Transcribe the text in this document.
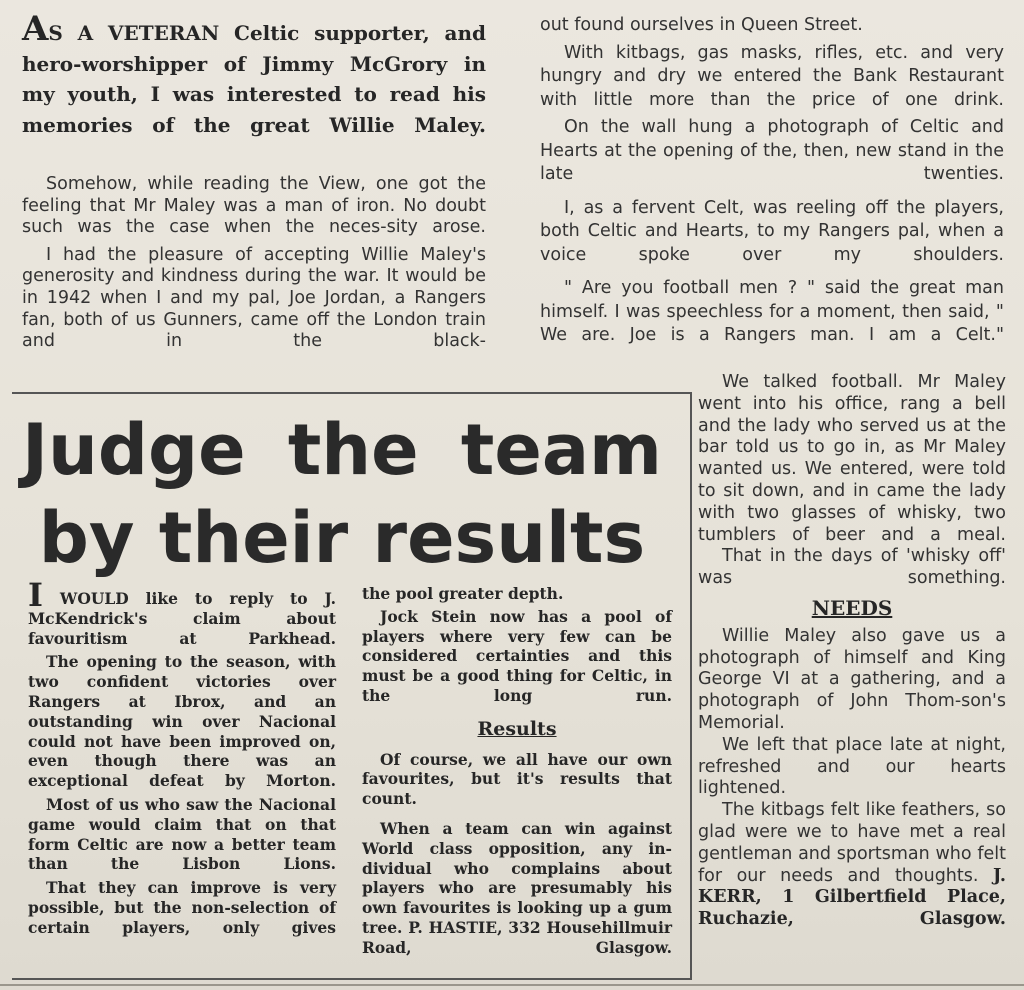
AS A VETERAN Celtic supporter, and hero-worshipper of Jimmy McGrory in my youth, I was interested to read his memories of the great Willie Maley.

Somehow, while reading the View, one got the feeling that Mr Maley was a man of iron. No doubt such was the case when the neces-sity arose.

I had the pleasure of accepting Willie Maley's generosity and kindness during the war. It would be in 1942 when I and my pal, Joe Jordan, a Rangers fan, both of us Gunners, came off the London train and in the black-

out found ourselves in Queen Street.

With kitbags, gas masks, rifles, etc. and very hungry and dry we entered the Bank Restaurant with little more than the price of one drink.

On the wall hung a photograph of Celtic and Hearts at the opening of the, then, new stand in the late twenties.

I, as a fervent Celt, was reeling off the players, both Celtic and Hearts, to my Rangers pal, when a voice spoke over my shoulders.

" Are you football men ? " said the great man himself. I was speechless for a moment, then said, " We are. Joe is a Rangers man. I am a Celt."

Judge the team
by their results

I WOULD like to reply to J. McKendrick's claim about favouritism at Parkhead.

The opening to the season, with two confident victories over Rangers at Ibrox, and an outstanding win over Nacional could not have been improved on, even though there was an exceptional defeat by Morton.

Most of us who saw the Nacional game would claim that on that form Celtic are now a better team than the Lisbon Lions.

That they can improve is very possible, but the non-selection of certain players, only gives

the pool greater depth.

Jock Stein now has a pool of players where very few can be considered certainties and this must be a good thing for Celtic, in the long run.

Results

Of course, we all have our own favourites, but it's results that count.

When a team can win against World class opposition, any in-dividual who complains about players who are presumably his own favourites is looking up a gum tree. P. HASTIE, 332 Househillmuir Road, Glasgow.

We talked football. Mr Maley went into his office, rang a bell and the lady who served us at the bar told us to go in, as Mr Maley wanted us. We entered, were told to sit down, and in came the lady with two glasses of whisky, two tumblers of beer and a meal.

That in the days of 'whisky off' was something.

NEEDS

Willie Maley also gave us a photograph of himself and King George VI at a gathering, and a photograph of John Thom-son's Memorial.

We left that place late at night, refreshed and our hearts lightened.

The kitbags felt like feathers, so glad were we to have met a real gentleman and sportsman who felt for our needs and thoughts. J. KERR, 1 Gilbertfield Place, Ruchazie, Glasgow.
